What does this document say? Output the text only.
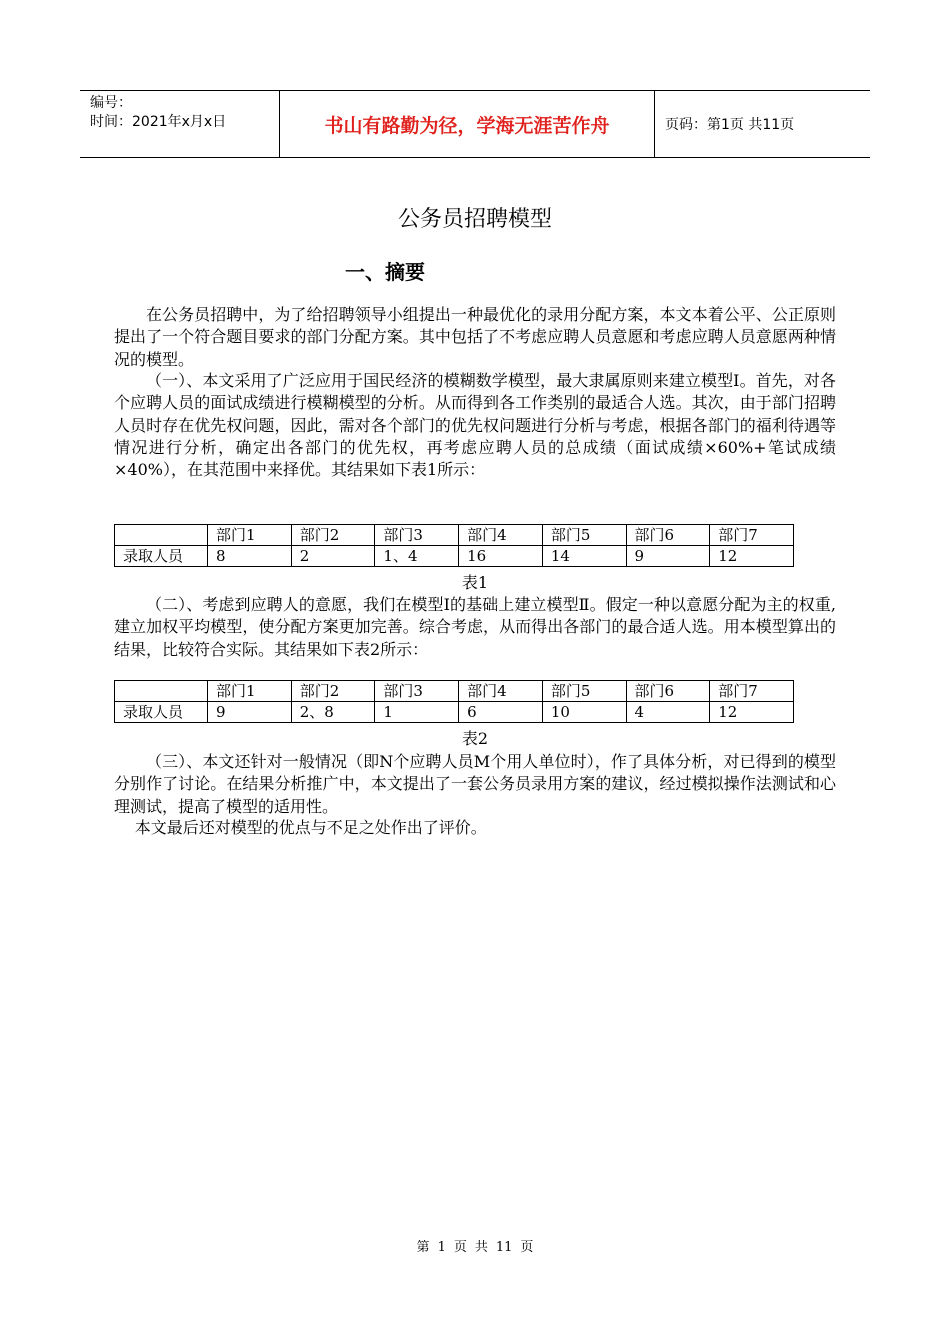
编号：
时间：2021年x月x日	书山有路勤为径，学海无涯苦作舟	页码：第1页 共11页
公务员招聘模型
一、摘要

在公务员招聘中，为了给招聘领导小组提出一种最优化的录用分配方案，本文本着公平、公正原则提出了一个符合题目要求的部门分配方案。其中包括了不考虑应聘人员意愿和考虑应聘人员意愿两种情况的模型。

（一）、本文采用了广泛应用于国民经济的模糊数学模型，最大隶属原则来建立模型Ⅰ。首先，对各个应聘人员的面试成绩进行模糊模型的分析。从而得到各工作类别的最适合人选。其次，由于部门招聘人员时存在优先权问题，因此，需对各个部门的优先权问题进行分析与考虑，根据各部门的福利待遇等情况进行分析，确定出各部门的优先权，再考虑应聘人员的总成绩（面试成绩×60%+笔试成绩×40%），在其范围中来择优。其结果如下表1所示：

	部门1	部门2	部门3	部门4	部门5	部门6	部门7
录取人员	8	2	1、4	16	14	9	12
表1

（二）、考虑到应聘人的意愿，我们在模型Ⅰ的基础上建立模型Ⅱ。假定一种以意愿分配为主的权重,建立加权平均模型，使分配方案更加完善。综合考虑，从而得出各部门的最合适人选。用本模型算出的结果，比较符合实际。其结果如下表2所示：

	部门1	部门2	部门3	部门4	部门5	部门6	部门7
录取人员	9	2、8	1	6	10	4	12
表2

（三）、本文还针对一般情况（即N个应聘人员M个用人单位时），作了具体分析，对已得到的模型分别作了讨论。在结果分析推广中，本文提出了一套公务员录用方案的建议，经过模拟操作法测试和心理测试，提高了模型的适用性。

本文最后还对模型的优点与不足之处作出了评价。

第 1 页 共 11 页
